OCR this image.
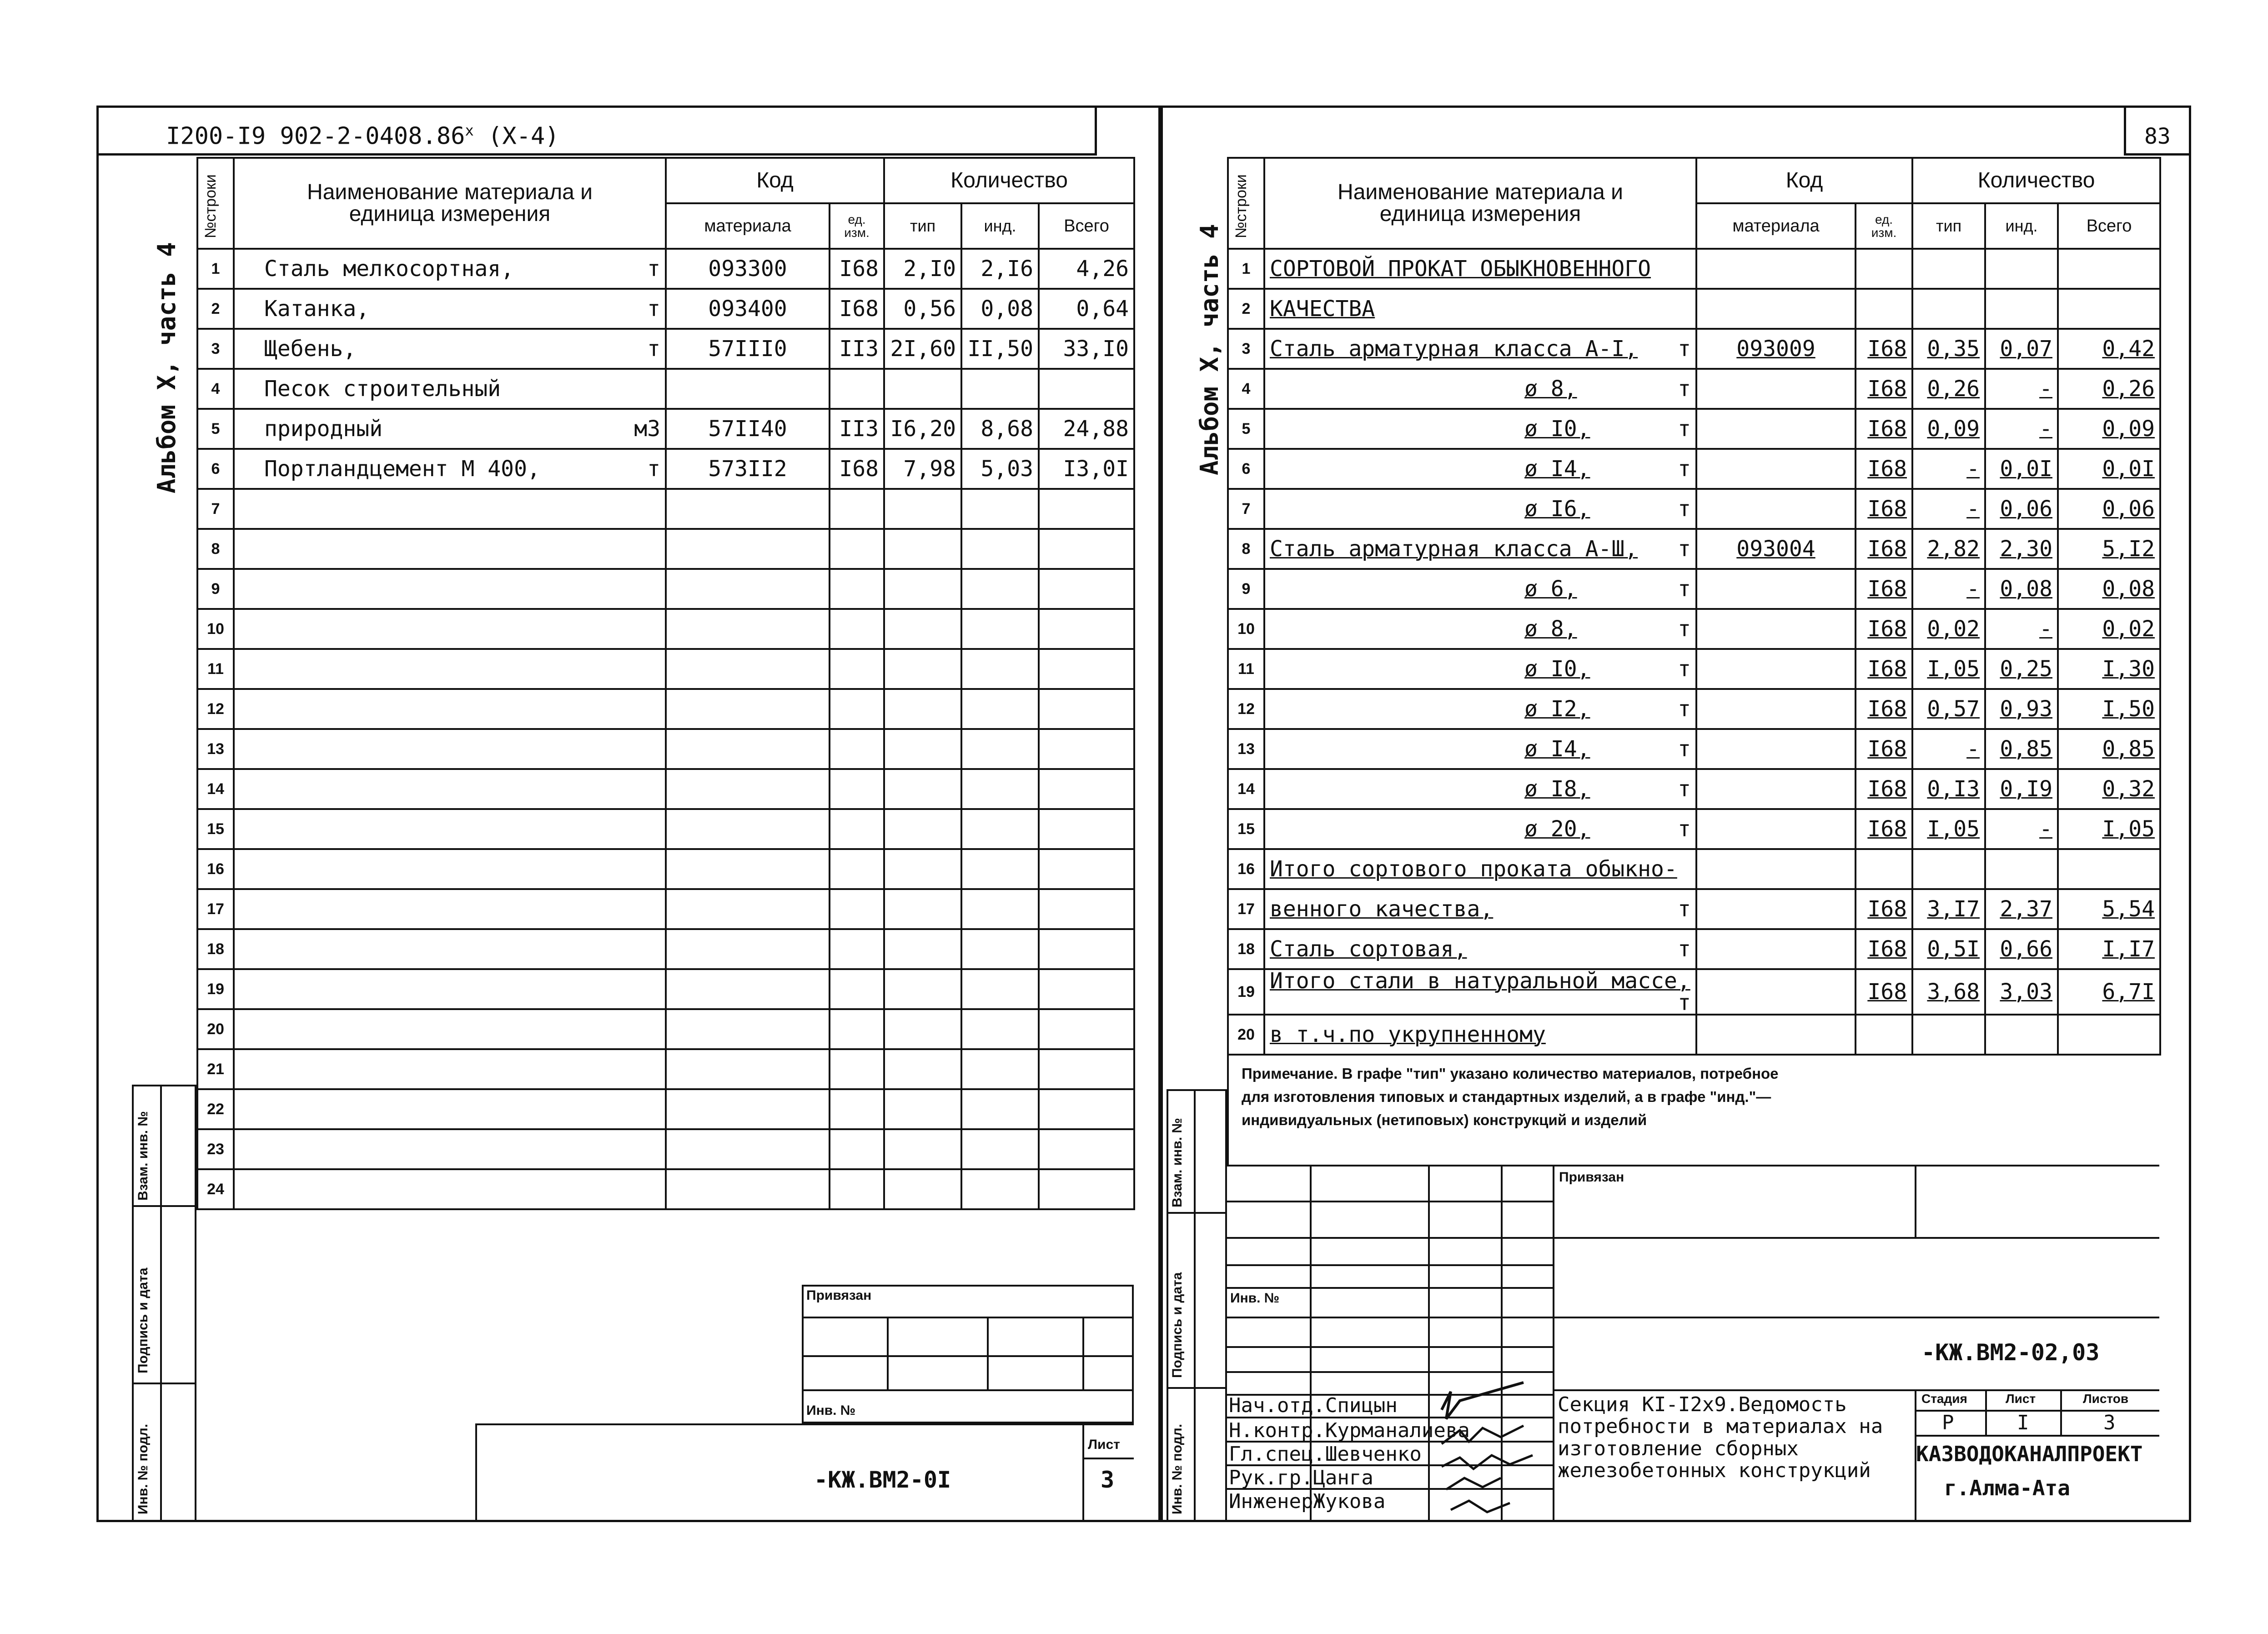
I200-I9 902-2-0408.86$^x$ (X-4)
Альбом X, часть 4
№строки	Наименование материала и единица измерения	Код		Количество		
		материала	ед. изм.	тип	инд.	Всего
1	Сталь мелкосортная, т	093300	I68	2,I0	2,I6	4,26
2	Катанка, т	093400	I68	0,56	0,08	0,64
3	Щебень, т	57III0	II3	2I,60	II,50	33,I0
4	Песок строительный

5	природный м3	57II40	II3	I6,20	8,68	24,88
6	Портландцемент М 400, т	573II2	I68	7,98	5,03	I3,0I
7	

8	

9	

10	

11	

12	

13	

14	

15	

16	

17	

18	

19	

20	

21	

22	

23	

24	

Инв. № подл.
Подпись и дата
Взам. инв. №
Привязан
Инв. №
Лист
-КЖ.ВМ2-0I	3
83
Альбом X, часть 4
№строки	Наименование материала и единица измерения	Код		Количество		
		материала	ед. изм.	тип	инд.	Всего
1	СОРТОВОЙ ПРОКАТ ОБЫКНОВЕННОГО

2	КАЧЕСТВА

3	Сталь арматурная класса А-I, т	093009	I68	0,35	0,07	0,42
4	ø 8, т		I68	0,26	-	0,26
5	ø I0, т		I68	0,09	-	0,09
6	ø I4, т		I68	-	0,0I	0,0I
7	ø I6, т		I68	-	0,06	0,06
8	Сталь арматурная класса А-Ш, т	093004	I68	2,82	2,30	5,I2
9	ø 6, т		I68	-	0,08	0,08
10	ø 8, т		I68	0,02	-	0,02
11	ø I0, т		I68	I,05	0,25	I,30
12	ø I2, т		I68	0,57	0,93	I,50
13	ø I4, т		I68	-	0,85	0,85
14	ø I8, т		I68	0,I3	0,I9	0,32
15	ø 20, т		I68	I,05	-	I,05
16	Итого сортового проката обыкно-

17	венного качества, т		I68	3,I7	2,37	5,54
18	Сталь сортовая, т		I68	0,5I	0,66	I,I7
19	Итого стали в натуральной массе,
т		I68	3,68	3,03	6,7I
20	в т.ч.по укрупненному

Примечание. В графе "тип" указано количество материалов, потребное для изготовления типовых и стандартных изделий, а в графе "инд."— индивидуальных (нетиповых) конструкций и изделий
Инв. № подл.
Подпись и дата
Взам. инв. №	Привязан
-КЖ.ВМ2-02,03
Инв. №
Нач.отд.Спицын
Н.контр.Курманалиева
Гл.спец.Шевченко
Рук.гр.Цанга
ИнженерЖукова
Секция КI-I2х9.Ведомость потребности в материалах на изготовление сборных железобетонных конструкций
Стадия	Лист	Листов
Р	I	3
КАЗВОДОКАНАЛПРОЕКТ
г.Алма-Ата
